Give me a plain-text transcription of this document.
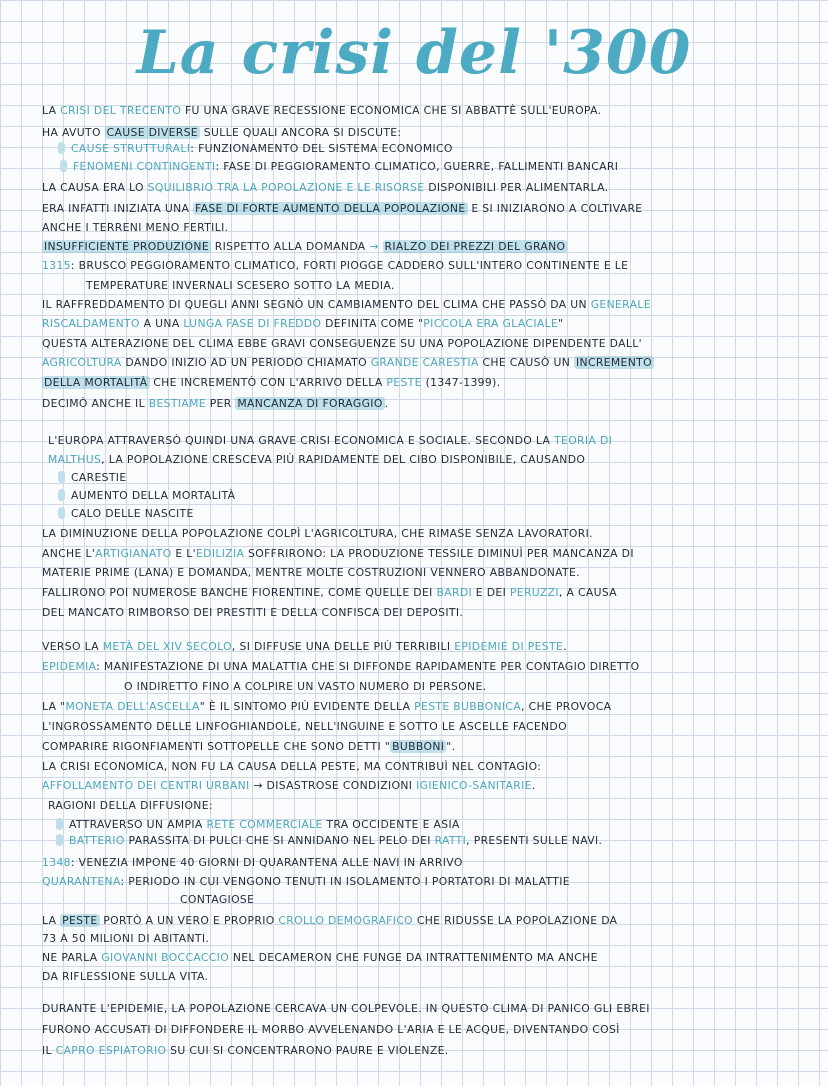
La crisi del '300
LA CRISI DEL TRECENTO FU UNA GRAVE RECESSIONE ECONOMICA CHE SI ABBATTÈ SULL'EUROPA.
HA AVUTO CAUSE DIVERSE SULLE QUALI ANCORA SI DISCUTE:
CAUSE STRUTTURALI: FUNZIONAMENTO DEL SISTEMA ECONOMICO
FENOMENI CONTINGENTI: FASE DI PEGGIORAMENTO CLIMATICO, GUERRE, FALLIMENTI BANCARI
LA CAUSA ERA LO SQUILIBRIO TRA LA POPOLAZIONE E LE RISORSE DISPONIBILI PER ALIMENTARLA.
ERA INFATTI INIZIATA UNA FASE DI FORTE AUMENTO DELLA POPOLAZIONE E SI INIZIARONO A COLTIVARE
ANCHE I TERRENI MENO FERTILI.
INSUFFICIENTE PRODUZIONE RISPETTO ALLA DOMANDA → RIALZO DEI PREZZI DEL GRANO
1315: BRUSCO PEGGIORAMENTO CLIMATICO, FORTI PIOGGE CADDERO SULL'INTERO CONTINENTE E LE
TEMPERATURE INVERNALI SCESERO SOTTO LA MEDIA.
IL RAFFREDDAMENTO DI QUEGLI ANNI SEGNÒ UN CAMBIAMENTO DEL CLIMA CHE PASSÒ DA UN GENERALE
RISCALDAMENTO A UNA LUNGA FASE DI FREDDO DEFINITA COME "PICCOLA ERA GLACIALE"
QUESTA ALTERAZIONE DEL CLIMA EBBE GRAVI CONSEGUENZE SU UNA POPOLAZIONE DIPENDENTE DALL'
AGRICOLTURA DANDO INIZIO AD UN PERIODO CHIAMATO GRANDE CARESTIA CHE CAUSÒ UN INCREMENTO
DELLA MORTALITÀ CHE INCREMENTÒ CON L'ARRIVO DELLA PESTE (1347-1399).
DECIMÒ ANCHE IL BESTIAME PER MANCANZA DI FORAGGIO .
L'EUROPA ATTRAVERSÒ QUINDI UNA GRAVE CRISI ECONOMICA E SOCIALE. SECONDO LA TEORIA DI
MALTHUS, LA POPOLAZIONE CRESCEVA PIÙ RAPIDAMENTE DEL CIBO DISPONIBILE, CAUSANDO
CARESTIE
AUMENTO DELLA MORTALITÀ
CALO DELLE NASCITE
LA DIMINUZIONE DELLA POPOLAZIONE COLPÌ L'AGRICOLTURA, CHE RIMASE SENZA LAVORATORI.
ANCHE L'ARTIGIANATO E L'EDILIZIA SOFFRIRONO: LA PRODUZIONE TESSILE DIMINUÌ PER MANCANZA DI
MATERIE PRIME (LANA) E DOMANDA, MENTRE MOLTE COSTRUZIONI VENNERO ABBANDONATE.
FALLIRONO POI NUMEROSE BANCHE FIORENTINE, COME QUELLE DEI BARDI E DEI PERUZZI, A CAUSA
DEL MANCATO RIMBORSO DEI PRESTITI E DELLA CONFISCA DEI DEPOSITI.
VERSO LA METÀ DEL XIV SECOLO, SI DIFFUSE UNA DELLE PIÙ TERRIBILI EPIDEMIE DI PESTE.
EPIDEMIA: MANIFESTAZIONE DI UNA MALATTIA CHE SI DIFFONDE RAPIDAMENTE PER CONTAGIO DIRETTO
O INDIRETTO FINO A COLPIRE UN VASTO NUMERO DI PERSONE.
LA "MONETA DELL'ASCELLA" È IL SINTOMO PIÙ EVIDENTE DELLA PESTE BUBBONICA, CHE PROVOCA
L'INGROSSAMENTO DELLE LINFOGHIANDOLE, NELL'INGUINE E SOTTO LE ASCELLE FACENDO
COMPARIRE RIGONFIAMENTI SOTTOPELLE CHE SONO DETTI " BUBBONI ".
LA CRISI ECONOMICA, NON FU LA CAUSA DELLA PESTE, MA CONTRIBUÌ NEL CONTAGIO:
AFFOLLAMENTO DEI CENTRI URBANI → DISASTROSE CONDIZIONI IGIENICO-SANITARIE.
RAGIONI DELLA DIFFUSIONE:
ATTRAVERSO UN AMPIA RETE COMMERCIALE TRA OCCIDENTE E ASIA
BATTERIO PARASSITA DI PULCI CHE SI ANNIDANO NEL PELO DEI RATTI, PRESENTI SULLE NAVI.
1348: VENEZIA IMPONE 40 GIORNI DI QUARANTENA ALLE NAVI IN ARRIVO
QUARANTENA: PERIODO IN CUI VENGONO TENUTI IN ISOLAMENTO I PORTATORI DI MALATTIE
CONTAGIOSE
LA PESTE PORTÒ A UN VERO E PROPRIO CROLLO DEMOGRAFICO CHE RIDUSSE LA POPOLAZIONE DA
73 A 50 MILIONI DI ABITANTI.
NE PARLA GIOVANNI BOCCACCIO NEL DECAMERON CHE FUNGE DA INTRATTENIMENTO MA ANCHE
DA RIFLESSIONE SULLA VITA.
DURANTE L'EPIDEMIE, LA POPOLAZIONE CERCAVA UN COLPEVOLE. IN QUESTO CLIMA DI PANICO GLI EBREI
FURONO ACCUSATI DI DIFFONDERE IL MORBO AVVELENANDO L'ARIA E LE ACQUE, DIVENTANDO COSÌ
IL CAPRO ESPIATORIO SU CUI SI CONCENTRARONO PAURE E VIOLENZE.
